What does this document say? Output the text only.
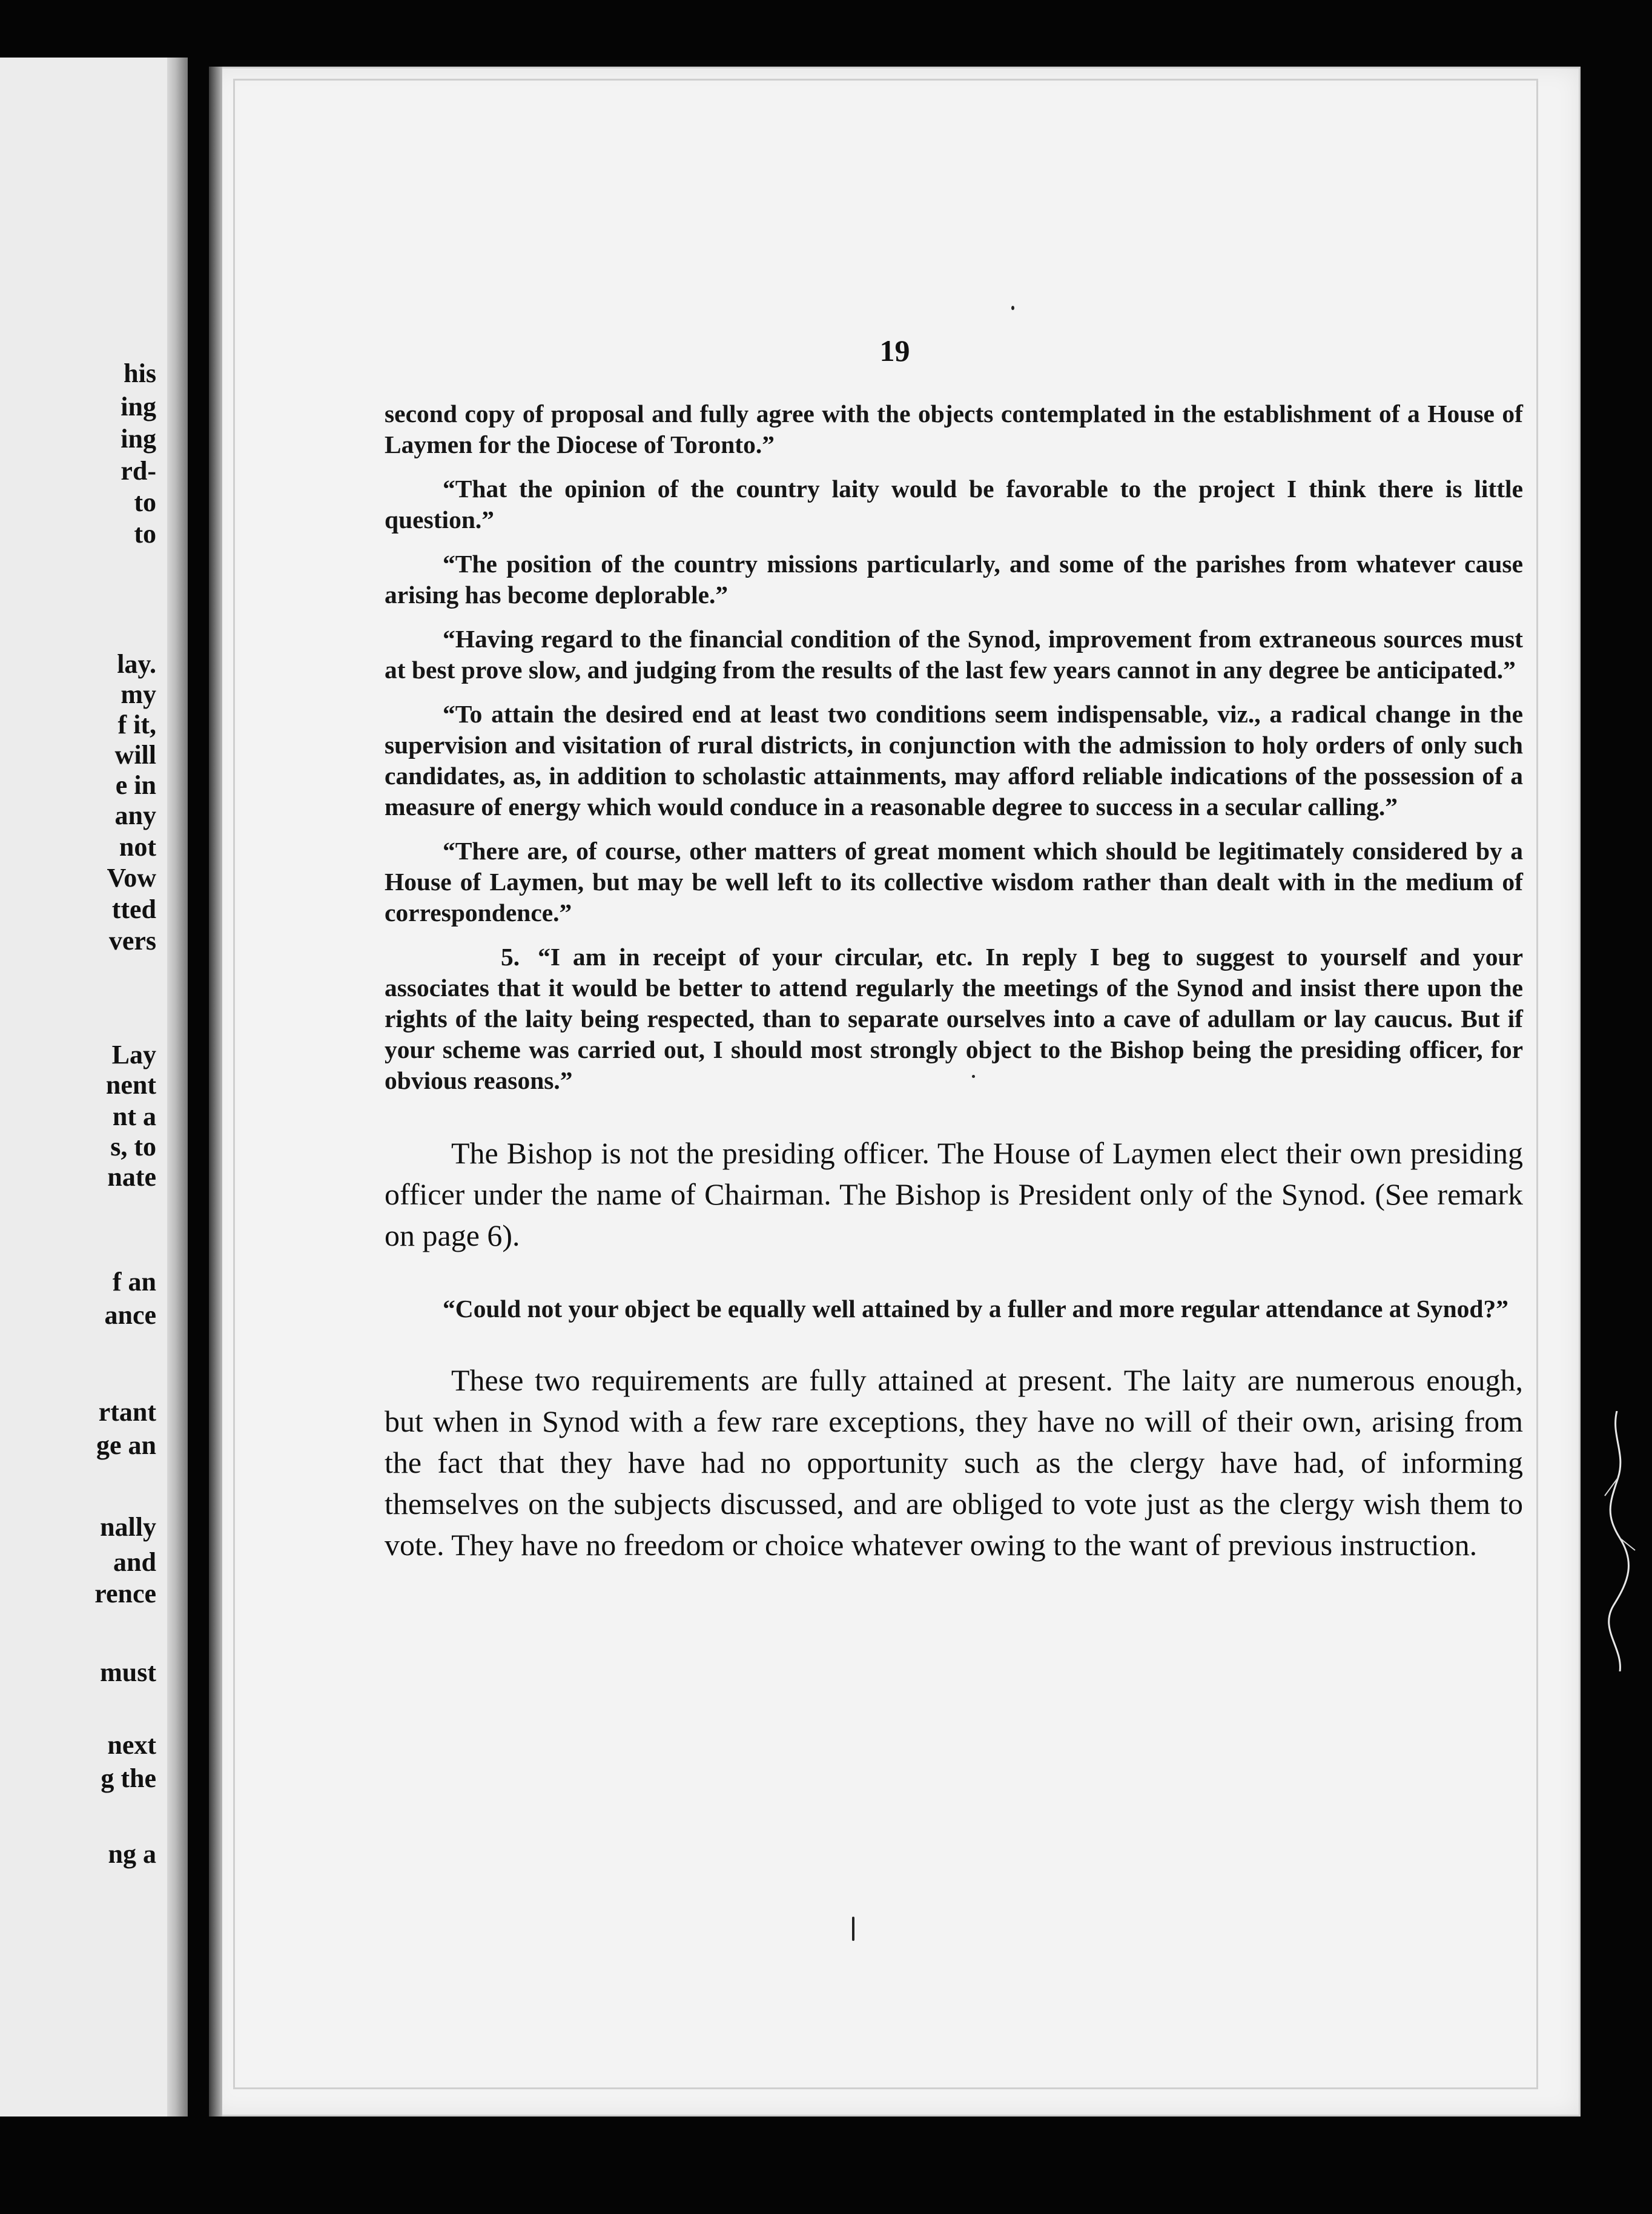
his
ing
ing
rd-
to
to
lay.
my
f it,
will
e in
any
not
Vow
tted
vers
Lay
nent
nt a
s, to
nate
f an
ance
rtant
ge an
nally
and
rence
must
next
g the
ng a
19

second copy of proposal and fully agree with the objects contemplated in the establishment of a House of Laymen for the Diocese of Toronto.”

“That the opinion of the country laity would be favorable to the project I think there is little question.”

“The position of the country missions particularly, and some of the parishes from whatever cause arising has become deplorable.”

“Having regard to the financial condition of the Synod, improvement from extraneous sources must at best prove slow, and judging from the results of the last few years cannot in any degree be anticipated.”

“To attain the desired end at least two conditions seem indispensable, viz., a radical change in the supervision and visitation of rural districts, in conjunction with the admission to holy orders of only such candidates, as, in addition to scholastic attainments, may afford reliable indications of the possession of a measure of energy which would conduce in a reasonable degree to success in a secular calling.”

“There are, of course, other matters of great moment which should be legitimately considered by a House of Laymen, but may be well left to its collective wisdom rather than dealt with in the medium of correspondence.”

5. “I am in receipt of your circular, etc. In reply I beg to suggest to yourself and your associates that it would be better to attend regularly the meetings of the Synod and insist there upon the rights of the laity being respected, than to separate ourselves into a cave of adullam or lay caucus. But if your scheme was carried out, I should most strongly object to the Bishop being the presiding officer, for obvious reasons.”

The Bishop is not the presiding officer. The House of Laymen elect their own presiding officer under the name of Chairman. The Bishop is President only of the Synod. (See remark on page 6).

“Could not your object be equally well attained by a fuller and more regular attendance at Synod?”

These two requirements are fully attained at present. The laity are numerous enough, but when in Synod with a few rare exceptions, they have no will of their own, arising from the fact that they have had no opportunity such as the clergy have had, of informing themselves on the subjects discussed, and are obliged to vote just as the clergy wish them to vote. They have no freedom or choice whatever owing to the want of previous instruction.
